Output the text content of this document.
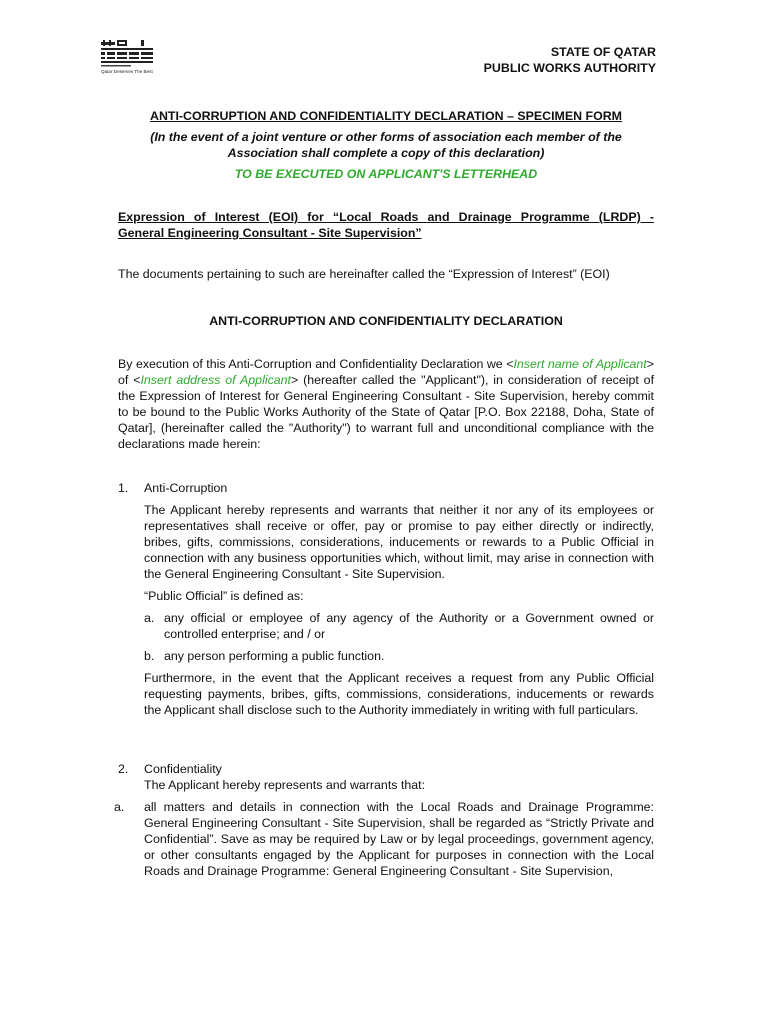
Qatar Deserves The Best
STATE OF QATAR
PUBLIC WORKS AUTHORITY
ANTI-CORRUPTION AND CONFIDENTIALITY DECLARATION – SPECIMEN FORM
(In the event of a joint venture or other forms of association each member of the
Association shall complete a copy of this declaration)
TO BE EXECUTED ON APPLICANT'S LETTERHEAD
Expression of Interest (EOI) for “Local Roads and Drainage Programme (LRDP) -
General Engineering Consultant - Site Supervision”
The documents pertaining to such are hereinafter called the “Expression of Interest” (EOI)
ANTI-CORRUPTION AND CONFIDENTIALITY DECLARATION
By execution of this Anti-Corruption and Confidentiality Declaration we <Insert name of Applicant> of <Insert address of Applicant> (hereafter called the "Applicant"), in consideration of receipt of the Expression of Interest for General Engineering Consultant - Site Supervision, hereby commit to be bound to the Public Works Authority of the State of Qatar [P.O. Box 22188, Doha, State of Qatar], (hereinafter called the "Authority") to warrant full and unconditional compliance with the declarations made herein:
1. Anti-Corruption
The Applicant hereby represents and warrants that neither it nor any of its employees or representatives shall receive or offer, pay or promise to pay either directly or indirectly, bribes, gifts, commissions, considerations, inducements or rewards to a Public Official in connection with any business opportunities which, without limit, may arise in connection with the General Engineering Consultant - Site Supervision.
“Public Official” is defined as:
a. any official or employee of any agency of the Authority or a Government owned or controlled enterprise; and / or
b. any person performing a public function.
Furthermore, in the event that the Applicant receives a request from any Public Official requesting payments, bribes, gifts, commissions, considerations, inducements or rewards the Applicant shall disclose such to the Authority immediately in writing with full particulars.
2. Confidentiality
The Applicant hereby represents and warrants that:
a. all matters and details in connection with the Local Roads and Drainage Programme: General Engineering Consultant - Site Supervision, shall be regarded as “Strictly Private and Confidential”. Save as may be required by Law or by legal proceedings, government agency, or other consultants engaged by the Applicant for purposes in connection with the Local Roads and Drainage Programme: General Engineering Consultant - Site Supervision,
